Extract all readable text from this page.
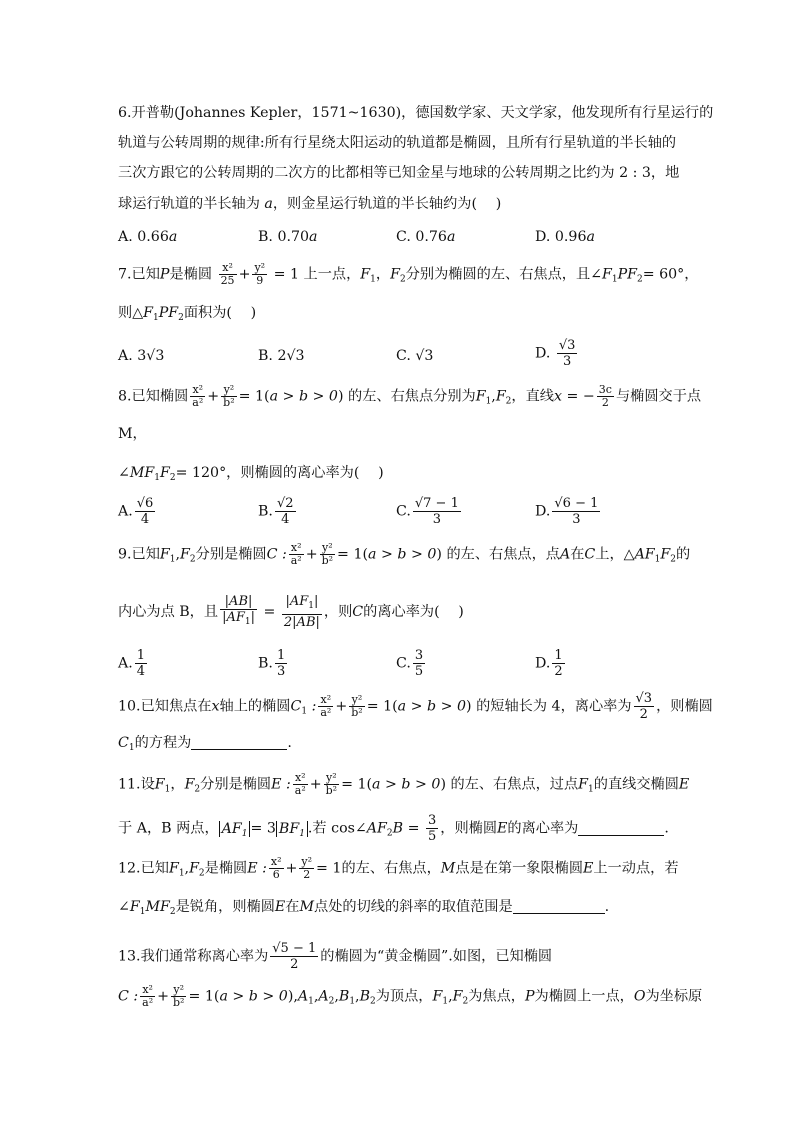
6.开普勒(Johannes Kepler，1571~1630)，德国数学家、天文学家，他发现所有行星运行的
轨道与公转周期的规律:所有行星绕太阳运动的轨道都是椭圆，且所有行星轨道的半长轴的
三次方跟它的公转周期的二次方的比都相等已知金星与地球的公转周期之比约为 2 : 3，地
球运行轨道的半长轴为 a，则金星运行轨道的半长轴约为(　 )
A. 0.66a	B. 0.70a	C. 0.76a	D. 0.96a
7.已知P是椭圆 $\frac{\text{x²}}{25} + \frac{\text{y²}}{9} = 1$ 上一点，$F_1$，$F_2$分别为椭圆的左、右焦点，且$\angle F_1PF_2= 60^\circ$，
则$\triangle F_1PF_2$面积为(　 )
A. 3√3	B. 2√3	C. √3	D. $\frac{√3}{3}$
8.已知椭圆 $\frac{\text{x²}}{\text{a²}} + \frac{\text{y²}}{\text{b²}} = 1(a > b > 0)$ 的左、右焦点分别为$F_1,F_2$，直线x = − $\frac{3c}{2}$ 与椭圆交于点
M，
$\angle MF_1F_2= 120^\circ$，则椭圆的离心率为(　 )
A. $\frac{√6}{4}$	B. $\frac{√2}{4}$	C. $\frac{√7 - 1}{3}$	D. $\frac{√6 - 1}{3}$
9.已知$F_1,F_2$分别是椭圆C : $\frac{\text{x²}}{\text{a²}} + \frac{\text{y²}}{\text{b²}} = 1(a > b > 0)$ 的左、右焦点，点A在C上，$\triangle AF_1F_2$的
内心为点 B，且 $\frac{|AB|}{|AF_1|} = \frac{|AF_1|}{2|AB|}$ ，则C的离心率为(　 )
A. $\frac{1}{4}$	B. $\frac{1}{3}$	C. $\frac{3}{5}$	D. $\frac{1}{2}$
10.已知焦点在x轴上的椭圆$C_1$ : $\frac{\text{x²}}{\text{a²}} + \frac{\text{y²}}{\text{b²}} = 1(a > b > 0)$ 的短轴长为 4，离心率为 $\frac{√3}{2}$ ，则椭圆
$C_1$的方程为	.
11.设$F_1$，$F_2$分别是椭圆E : $\frac{\text{x²}}{\text{a²}} + \frac{\text{y²}}{\text{b²}} = 1(a > b > 0)$ 的左、右焦点，过点$F_1$的直线交椭圆E
于 A，B 两点， $AF_1 = 3$ $BF_1$ .若 $\cos\angle AF_2B = \frac{3}{5}$ ，则椭圆E的离心率为	.
12.已知$F_1,F_2$是椭圆E : $\frac{\text{x²}}{6} + \frac{\text{y²}}{2} = 1$的左、右焦点，M点是在第一象限椭圆E上一动点，若
$\angle F_1MF_2$是锐角，则椭圆E在M点处的切线的斜率的取值范围是	.
13.我们通常称离心率为 $\frac{√5 - 1}{2}$ 的椭圆为“黄金椭圆”.如图，已知椭圆
C : $\frac{\text{x²}}{\text{a²}} + \frac{\text{y²}}{\text{b²}} = 1(a > b > 0),A_1,A_2,B_1,B_2$为顶点，$F_1,F_2$为焦点，P为椭圆上一点，O为坐标原
